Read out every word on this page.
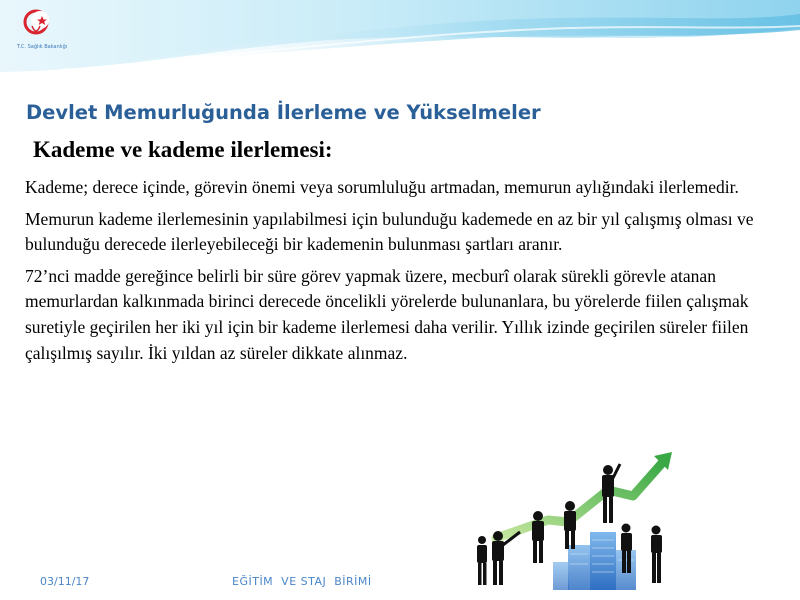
T.C. Sağlık Bakanlığı
Devlet Memurluğunda İlerleme ve Yükselmeler
Kademe ve kademe ilerlemesi:

Kademe; derece içinde, görevin önemi veya sorumluluğu artmadan, memurun aylığındaki ilerlemedir.

Memurun kademe ilerlemesinin yapılabilmesi için bulunduğu kademede en az bir yıl çalışmış olması ve bulunduğu derecede ilerleyebileceği bir kademenin bulunması şartları aranır.

72’nci madde gereğince belirli bir süre görev yapmak üzere, mecburî olarak sürekli görevle atanan memurlardan kalkınmada birinci derecede öncelikli yörelerde bulunanlara, bu yörelerde fiilen çalışmak suretiyle geçirilen her iki yıl için bir kademe ilerlemesi daha verilir. Yıllık izinde geçirilen süreler fiilen çalışılmış sayılır. İki yıldan az süreler dikkate alınmaz.

03/11/17	EĞİTİM  VE STAJ  BİRİMİ
